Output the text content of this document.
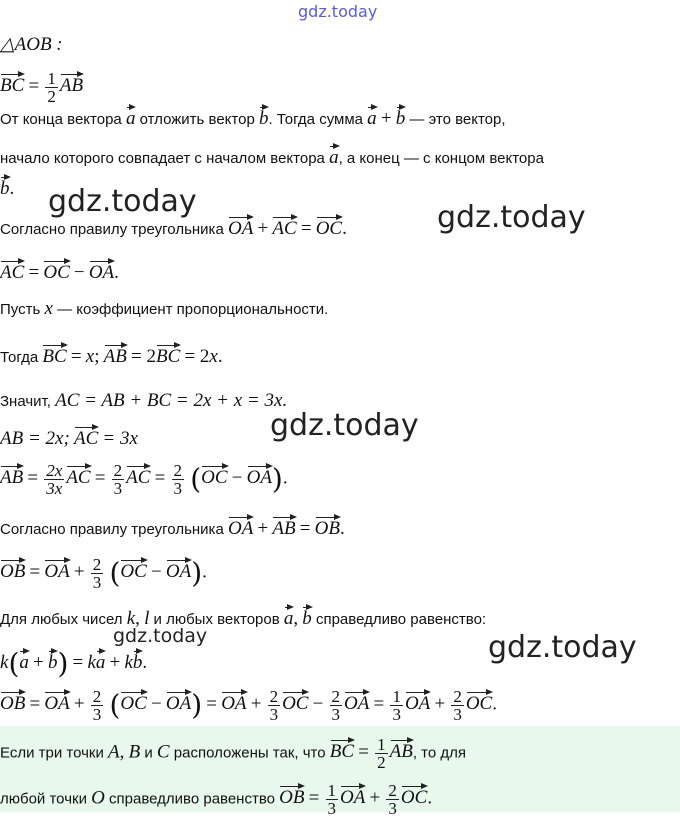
gdz.today
gdz.today	gdz.today
gdz.today
gdz.today
gdz.today
△AOB :
BC = $\frac{1}{2}$ AB
От конца вектора a отложить вектор b. Тогда сумма a + b — это вектор,
начало которого совпадает с началом вектора a, а конец — с концом вектора
b.
Согласно правилу треугольника OA + AC = OC.
AC = OC − OA.
Пусть x — коэффициент пропорциональности.
Тогда BC = x; AB = 2BC = 2x.
Значит, AC = AB + BC = 2x + x = 3x.
AB = 2x; AC = 3x
AB = $\frac{2x}{3x}$ AC = $\frac{2}{3}$ AC = $\frac{2}{3} (OC - OA)$.
Согласно правилу треугольника OA + AB = OB.
OB = OA + $\frac{2}{3} (OC - OA)$.
Для любых чисел k, l и любых векторов a, b справедливо равенство:
k(a + b) = ka + kb.
OB = OA + $\frac{2}{3} (OC - OA)$ = OA + $\frac{2}{3}$ OC − $\frac{2}{3}$ OA = $\frac{1}{3}$ OA + $\frac{2}{3}$ OC.
Если три точки A, B и C расположены так, что BC = $\frac{1}{2}$ AB, то для
любой точки O справедливо равенство OB = $\frac{1}{3}$ OA + $\frac{2}{3}$ OC.
